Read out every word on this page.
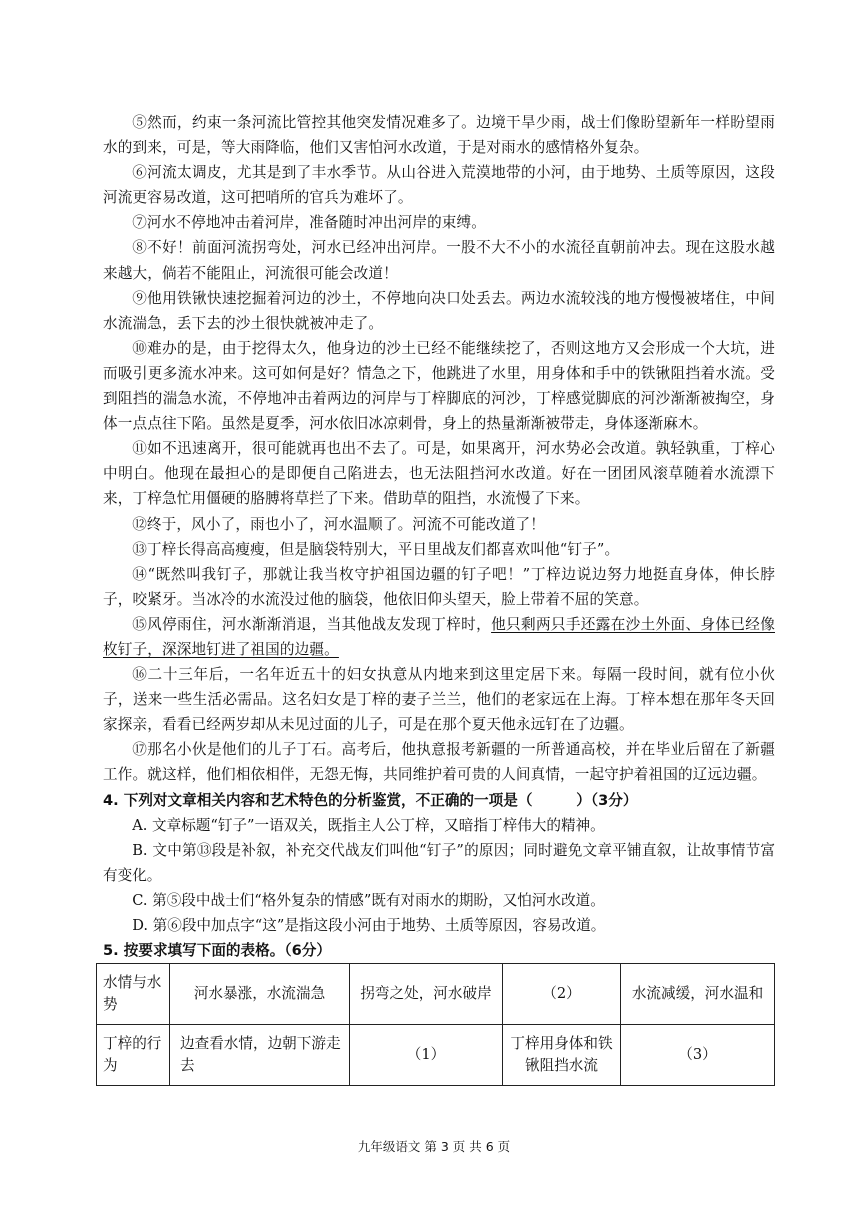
⑤然而，约束一条河流比管控其他突发情况难多了。边境干旱少雨，战士们像盼望新年一样盼望雨水的到来，可是，等大雨降临，他们又害怕河水改道，于是对雨水的感情格外复杂。

⑥河流太调皮，尤其是到了丰水季节。从山谷进入荒漠地带的小河，由于地势、土质等原因，这段河流更容易改道，这可把哨所的官兵为难坏了。

⑦河水不停地冲击着河岸，准备随时冲出河岸的束缚。

⑧不好！前面河流拐弯处，河水已经冲出河岸。一股不大不小的水流径直朝前冲去。现在这股水越来越大，倘若不能阻止，河流很可能会改道！

⑨他用铁锹快速挖掘着河边的沙土，不停地向决口处丢去。两边水流较浅的地方慢慢被堵住，中间水流湍急，丢下去的沙土很快就被冲走了。

⑩难办的是，由于挖得太久，他身边的沙土已经不能继续挖了，否则这地方又会形成一个大坑，进而吸引更多流水冲来。这可如何是好？情急之下，他跳进了水里，用身体和手中的铁锹阻挡着水流。受到阻挡的湍急水流，不停地冲击着两边的河岸与丁梓脚底的河沙，丁梓感觉脚底的河沙渐渐被掏空，身体一点点往下陷。虽然是夏季，河水依旧冰凉刺骨，身上的热量渐渐被带走，身体逐渐麻木。

⑪如不迅速离开，很可能就再也出不去了。可是，如果离开，河水势必会改道。孰轻孰重，丁梓心中明白。他现在最担心的是即便自己陷进去，也无法阻挡河水改道。好在一团团风滚草随着水流漂下来，丁梓急忙用僵硬的胳膊将草拦了下来。借助草的阻挡，水流慢了下来。

⑫终于，风小了，雨也小了，河水温顺了。河流不可能改道了！

⑬丁梓长得高高瘦瘦，但是脑袋特别大，平日里战友们都喜欢叫他“钉子”。

⑭“既然叫我钉子，那就让我当枚守护祖国边疆的钉子吧！”丁梓边说边努力地挺直身体，伸长脖子，咬紧牙。当冰冷的水流没过他的脑袋，他依旧仰头望天，脸上带着不屈的笑意。

⑮风停雨住，河水渐渐消退，当其他战友发现丁梓时，他只剩两只手还露在沙土外面、身体已经像枚钉子，深深地钉进了祖国的边疆。

⑯二十三年后，一名年近五十的妇女执意从内地来到这里定居下来。每隔一段时间，就有位小伙子，送来一些生活必需品。这名妇女是丁梓的妻子兰兰，他们的老家远在上海。丁梓本想在那年冬天回家探亲，看看已经两岁却从未见过面的儿子，可是在那个夏天他永远钉在了边疆。

⑰那名小伙是他们的儿子丁石。高考后，他执意报考新疆的一所普通高校，并在毕业后留在了新疆工作。就这样，他们相依相伴，无怨无悔，共同维护着可贵的人间真情，一起守护着祖国的辽远边疆。

4. 下列对文章相关内容和艺术特色的分析鉴赏，不正确的一项是（　　　）（3分）

A. 文章标题“钉子”一语双关，既指主人公丁梓，又暗指丁梓伟大的精神。

B. 文中第⑬段是补叙，补充交代战友们叫他“钉子”的原因；同时避免文章平铺直叙，让故事情节富有变化。

C. 第⑤段中战士们“格外复杂的情感”既有对雨水的期盼，又怕河水改道。

D. 第⑥段中加点字“这”是指这段小河由于地势、土质等原因，容易改道。

5. 按要求填写下面的表格。（6分）

水情与水势	河水暴涨，水流湍急	拐弯之处，河水破岸	（2）	水流减缓，河水温和
丁梓的行为	边查看水情，边朝下游走去	（1）	丁梓用身体和铁锹阻挡水流	（3）
九年级语文 第 3 页 共 6 页
